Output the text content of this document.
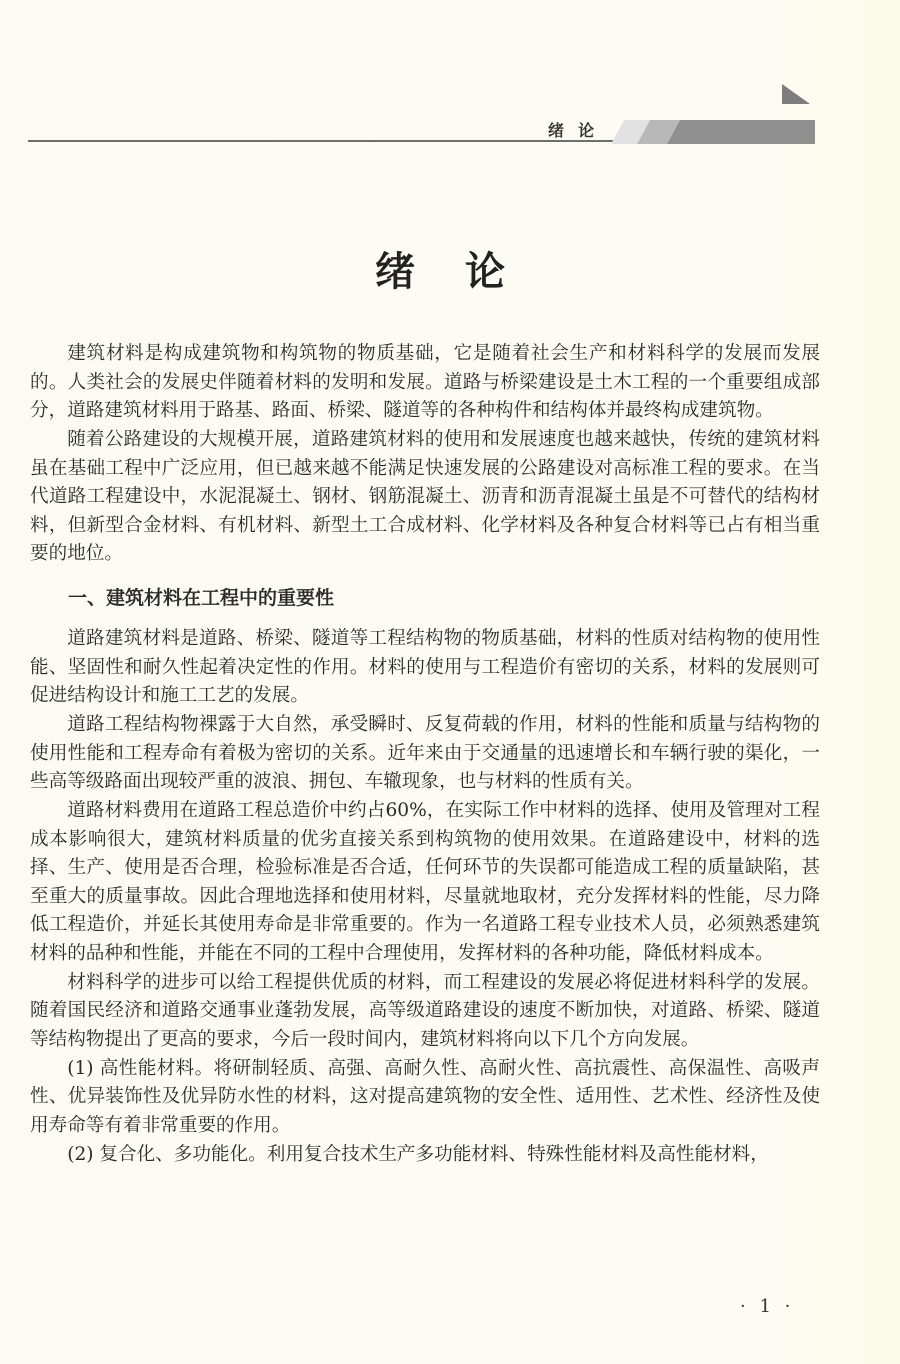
绪论
绪论

建筑材料是构成建筑物和构筑物的物质基础，它是随着社会生产和材料科学的发展而发展的。人类社会的发展史伴随着材料的发明和发展。道路与桥梁建设是土木工程的一个重要组成部分，道路建筑材料用于路基、路面、桥梁、隧道等的各种构件和结构体并最终构成建筑物。

随着公路建设的大规模开展，道路建筑材料的使用和发展速度也越来越快，传统的建筑材料虽在基础工程中广泛应用，但已越来越不能满足快速发展的公路建设对高标准工程的要求。在当代道路工程建设中，水泥混凝土、钢材、钢筋混凝土、沥青和沥青混凝土虽是不可替代的结构材料，但新型合金材料、有机材料、新型土工合成材料、化学材料及各种复合材料等已占有相当重要的地位。

一、建筑材料在工程中的重要性

道路建筑材料是道路、桥梁、隧道等工程结构物的物质基础，材料的性质对结构物的使用性能、坚固性和耐久性起着决定性的作用。材料的使用与工程造价有密切的关系，材料的发展则可促进结构设计和施工工艺的发展。

道路工程结构物裸露于大自然，承受瞬时、反复荷载的作用，材料的性能和质量与结构物的使用性能和工程寿命有着极为密切的关系。近年来由于交通量的迅速增长和车辆行驶的渠化，一些高等级路面出现较严重的波浪、拥包、车辙现象，也与材料的性质有关。

道路材料费用在道路工程总造价中约占60%，在实际工作中材料的选择、使用及管理对工程成本影响很大，建筑材料质量的优劣直接关系到构筑物的使用效果。在道路建设中，材料的选择、生产、使用是否合理，检验标准是否合适，任何环节的失误都可能造成工程的质量缺陷，甚至重大的质量事故。因此合理地选择和使用材料，尽量就地取材，充分发挥材料的性能，尽力降低工程造价，并延长其使用寿命是非常重要的。作为一名道路工程专业技术人员，必须熟悉建筑材料的品种和性能，并能在不同的工程中合理使用，发挥材料的各种功能，降低材料成本。

材料科学的进步可以给工程提供优质的材料，而工程建设的发展必将促进材料科学的发展。随着国民经济和道路交通事业蓬勃发展，高等级道路建设的速度不断加快，对道路、桥梁、隧道等结构物提出了更高的要求，今后一段时间内，建筑材料将向以下几个方向发展。

(1) 高性能材料。将研制轻质、高强、高耐久性、高耐火性、高抗震性、高保温性、高吸声性、优异装饰性及优异防水性的材料，这对提高建筑物的安全性、适用性、艺术性、经济性及使用寿命等有着非常重要的作用。

(2) 复合化、多功能化。利用复合技术生产多功能材料、特殊性能材料及高性能材料，

· 1 ·
